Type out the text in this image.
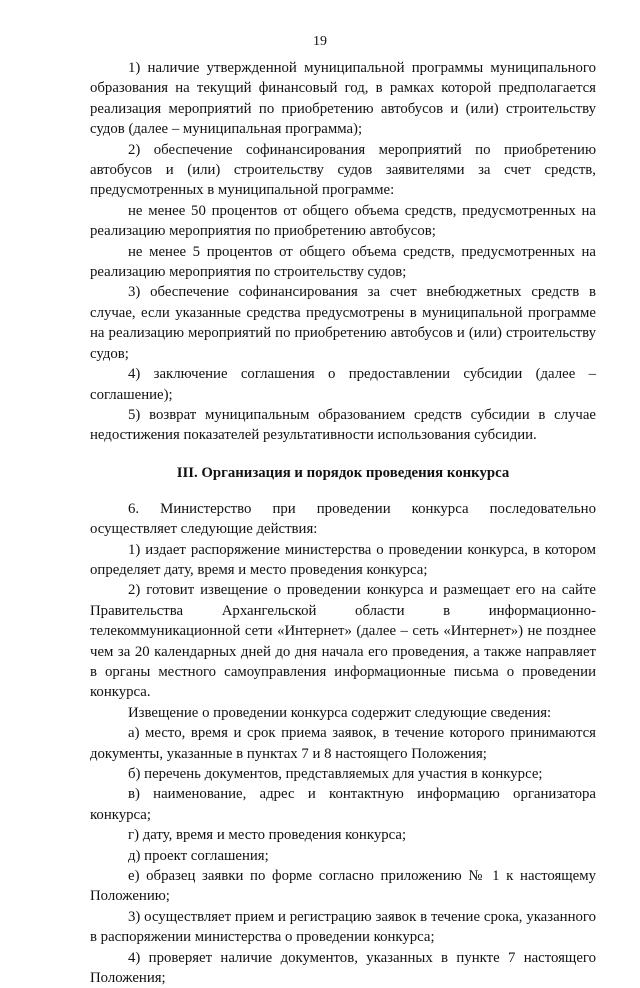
19

1) наличие утвержденной муниципальной программы муниципального образования на текущий финансовый год, в рамках которой предполагается реализация мероприятий по приобретению автобусов и (или) строительству судов (далее – муниципальная программа);

2) обеспечение софинансирования мероприятий по приобретению автобусов и (или) строительству судов заявителями за счет средств, предусмотренных в муниципальной программе:

не менее 50 процентов от общего объема средств, предусмотренных на реализацию мероприятия по приобретению автобусов;

не менее 5 процентов от общего объема средств, предусмотренных на реализацию мероприятия по строительству судов;

3) обеспечение софинансирования за счет внебюджетных средств в случае, если указанные средства предусмотрены в муниципальной программе на реализацию мероприятий по приобретению автобусов и (или) строительству судов;

4) заключение соглашения о предоставлении субсидии (далее – соглашение);

5) возврат муниципальным образованием средств субсидии в случае недостижения показателей результативности использования субсидии.

III. Организация и порядок проведения конкурса

6. Министерство при проведении конкурса последовательно осуществляет следующие действия:

1) издает распоряжение министерства о проведении конкурса, в котором определяет дату, время и место проведения конкурса;

2) готовит извещение о проведении конкурса и размещает его на сайте Правительства Архангельской области в информационно-телекоммуникационной сети «Интернет» (далее – сеть «Интернет») не позднее чем за 20 календарных дней до дня начала его проведения, а также направляет в органы местного самоуправления информационные письма о проведении конкурса.

Извещение о проведении конкурса содержит следующие сведения:

а) место, время и срок приема заявок, в течение которого принимаются документы, указанные в пунктах 7 и 8 настоящего Положения;

б) перечень документов, представляемых для участия в конкурсе;

в) наименование, адрес и контактную информацию организатора конкурса;

г) дату, время и место проведения конкурса;

д) проект соглашения;

е) образец заявки по форме согласно приложению № 1 к настоящему Положению;

3) осуществляет прием и регистрацию заявок в течение срока, указанного в распоряжении министерства о проведении конкурса;

4) проверяет наличие документов, указанных в пункте 7 настоящего Положения;
